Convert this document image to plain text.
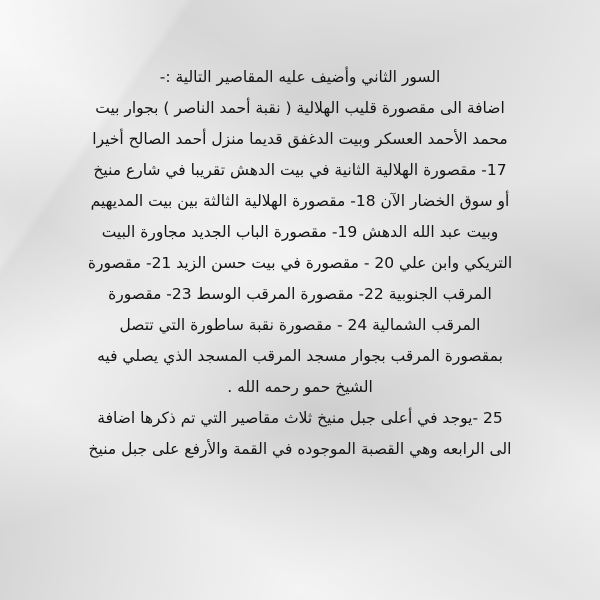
السور الثاني وأضيف عليه المقاصير التالية :-
اضافة الى مقصورة قليب الهلالية ( نقبة أحمد الناصر ) بجوار بيت
محمد الأحمد العسكر وبيت الدغفق قديما منزل أحمد الصالح أخيرا
17- مقصورة الهلالية الثانية في بيت الدهش تقريبا في شارع منيخ
أو سوق الخضار الآن 18- مقصورة الهلالية الثالثة بين بيت المديهيم
وبيت عبد الله الدهش 19- مقصورة الباب الجديد مجاورة البيت
التريكي وابن علي 20 - مقصورة في بيت حسن الزيد 21- مقصورة
المرقب الجنوبية 22- مقصورة المرقب الوسط 23- مقصورة
المرقب الشمالية 24 - مقصورة نقبة ساطورة التي تتصل
بمقصورة المرقب بجوار مسجد المرقب المسجد الذي يصلي فيه
الشيخ حمو رحمه الله .
25 -يوجد في أعلى جبل منيخ ثلاث مقاصير التي تم ذكرها اضافة
الى الرابعه وهي القصبة الموجوده في القمة والأرفع على جبل منيخ
